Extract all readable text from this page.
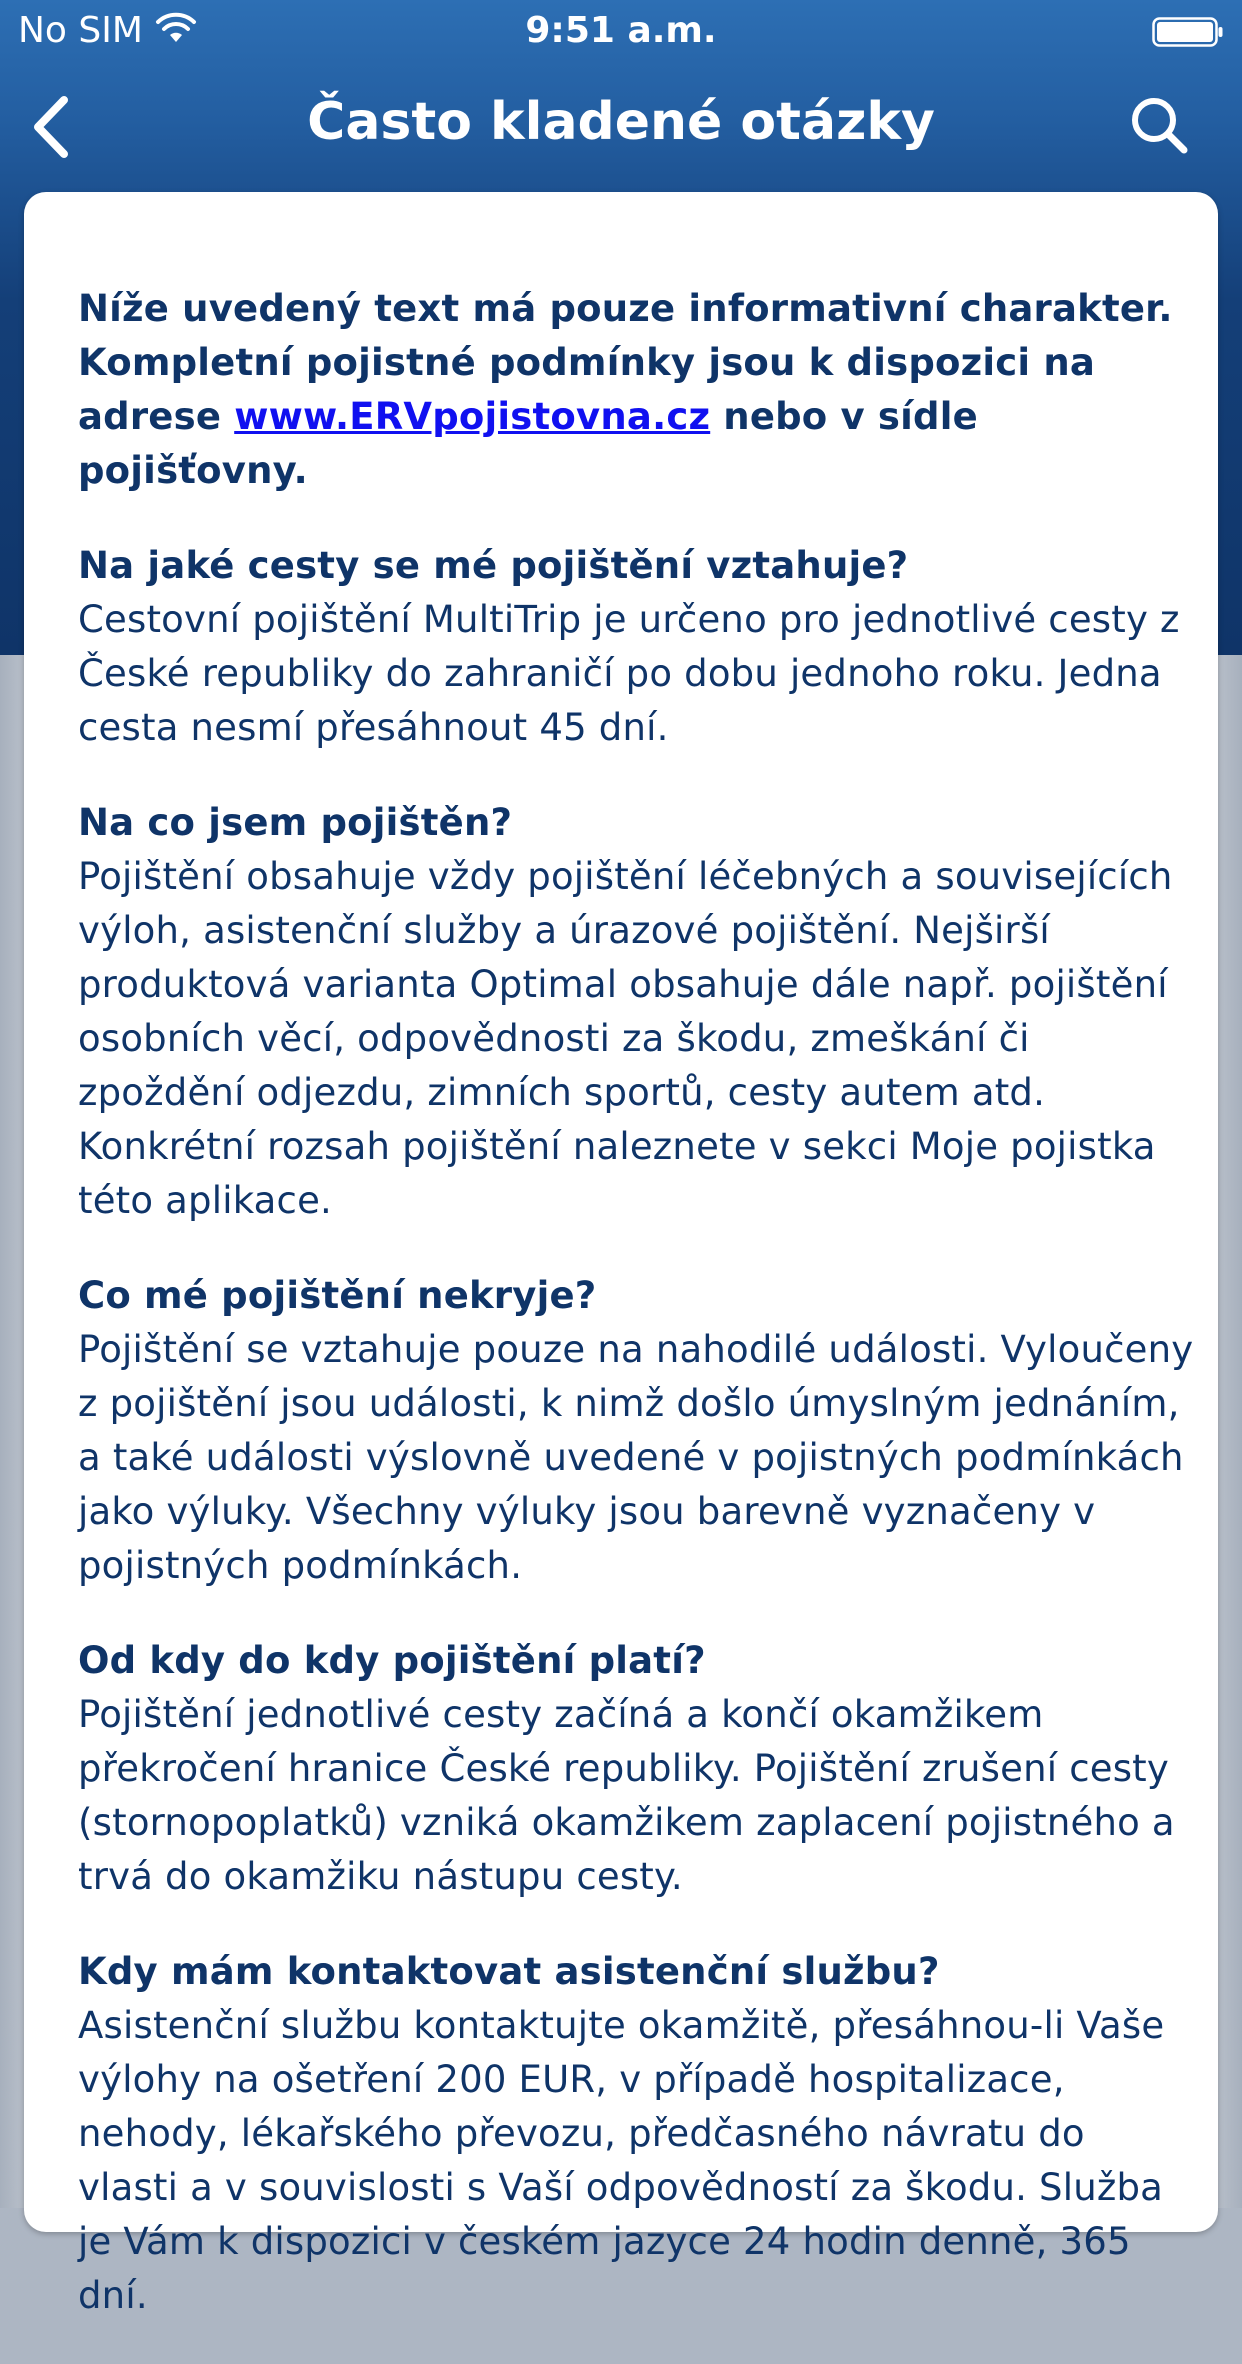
No SIM	9:51 a.m.
Často kladené otázky

Níže uvedený text má pouze informativní charakter. Kompletní pojistné podmínky jsou k dispozici na adrese www.ERVpojistovna.cz nebo v sídle pojišťovny.

Na jaké cesty se mé pojištění vztahuje?

Cestovní pojištění MultiTrip je určeno pro jednotlivé cesty z České republiky do zahraničí po dobu jednoho roku. Jedna cesta nesmí přesáhnout 45 dní.

Na co jsem pojištěn?

Pojištění obsahuje vždy pojištění léčebných a souvisejících výloh, asistenční služby a úrazové pojištění. Nejširší produktová varianta Optimal obsahuje dále např. pojištění osobních věcí, odpovědnosti za škodu, zmeškání či zpoždění odjezdu, zimních sportů, cesty autem atd. Konkrétní rozsah pojištění naleznete v sekci Moje pojistka této aplikace.

Co mé pojištění nekryje?

Pojištění se vztahuje pouze na nahodilé události. Vyloučeny z pojištění jsou události, k nimž došlo úmyslným jednáním, a také události výslovně uvedené v pojistných podmínkách jako výluky. Všechny výluky jsou barevně vyznačeny v pojistných podmínkách.

Od kdy do kdy pojištění platí?

Pojištění jednotlivé cesty začíná a končí okamžikem překročení hranice České republiky. Pojištění zrušení cesty (stornopoplatků) vzniká okamžikem zaplacení pojistného a trvá do okamžiku nástupu cesty.

Kdy mám kontaktovat asistenční službu?

Asistenční službu kontaktujte okamžitě, přesáhnou-li Vaše výlohy na ošetření 200 EUR, v případě hospitalizace, nehody, lékařského převozu, předčasného návratu do vlasti a v souvislosti s Vaší odpovědností za škodu. Služba je Vám k dispozici v českém jazyce 24 hodin denně, 365 dní.
